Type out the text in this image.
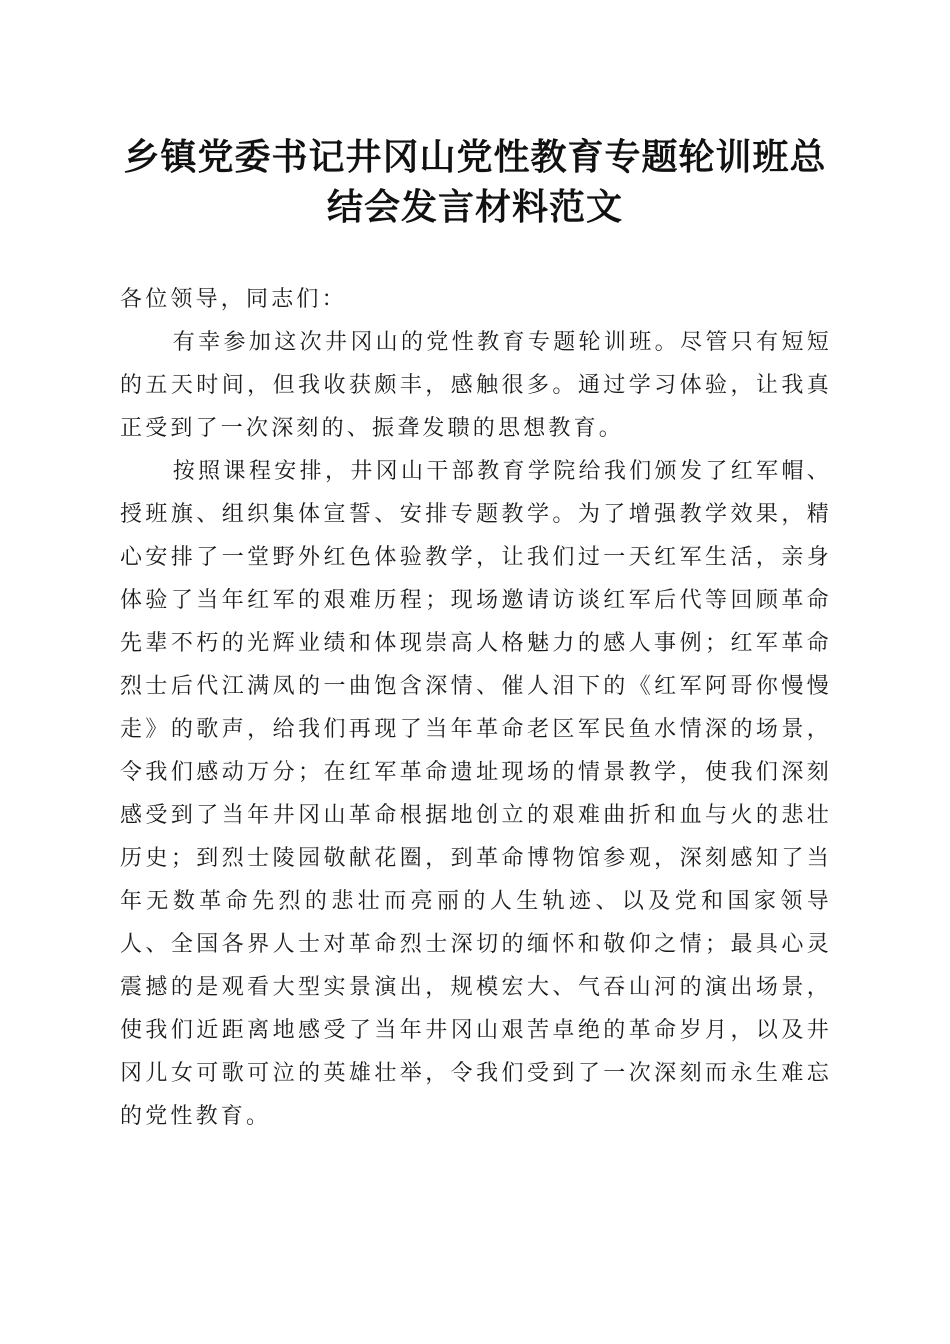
乡镇党委书记井冈山党性教育专题轮训班总结会发言材料范文

各位领导，同志们：

有幸参加这次井冈山的党性教育专题轮训班。尽管只有短短的五天时间，但我收获颇丰，感触很多。通过学习体验，让我真正受到了一次深刻的、振聋发聩的思想教育。

按照课程安排，井冈山干部教育学院给我们颁发了红军帽、授班旗、组织集体宣誓、安排专题教学。为了增强教学效果，精心安排了一堂野外红色体验教学，让我们过一天红军生活，亲身体验了当年红军的艰难历程；现场邀请访谈红军后代等回顾革命先辈不朽的光辉业绩和体现崇高人格魅力的感人事例；红军革命烈士后代江满凤的一曲饱含深情、催人泪下的《红军阿哥你慢慢走》的歌声，给我们再现了当年革命老区军民鱼水情深的场景，令我们感动万分；在红军革命遗址现场的情景教学，使我们深刻感受到了当年井冈山革命根据地创立的艰难曲折和血与火的悲壮历史；到烈士陵园敬献花圈，到革命博物馆参观，深刻感知了当年无数革命先烈的悲壮而亮丽的人生轨迹、以及党和国家领导人、全国各界人士对革命烈士深切的缅怀和敬仰之情；最具心灵震撼的是观看大型实景演出，规模宏大、气吞山河的演出场景，使我们近距离地感受了当年井冈山艰苦卓绝的革命岁月，以及井冈儿女可歌可泣的英雄壮举，令我们受到了一次深刻而永生难忘的党性教育。
